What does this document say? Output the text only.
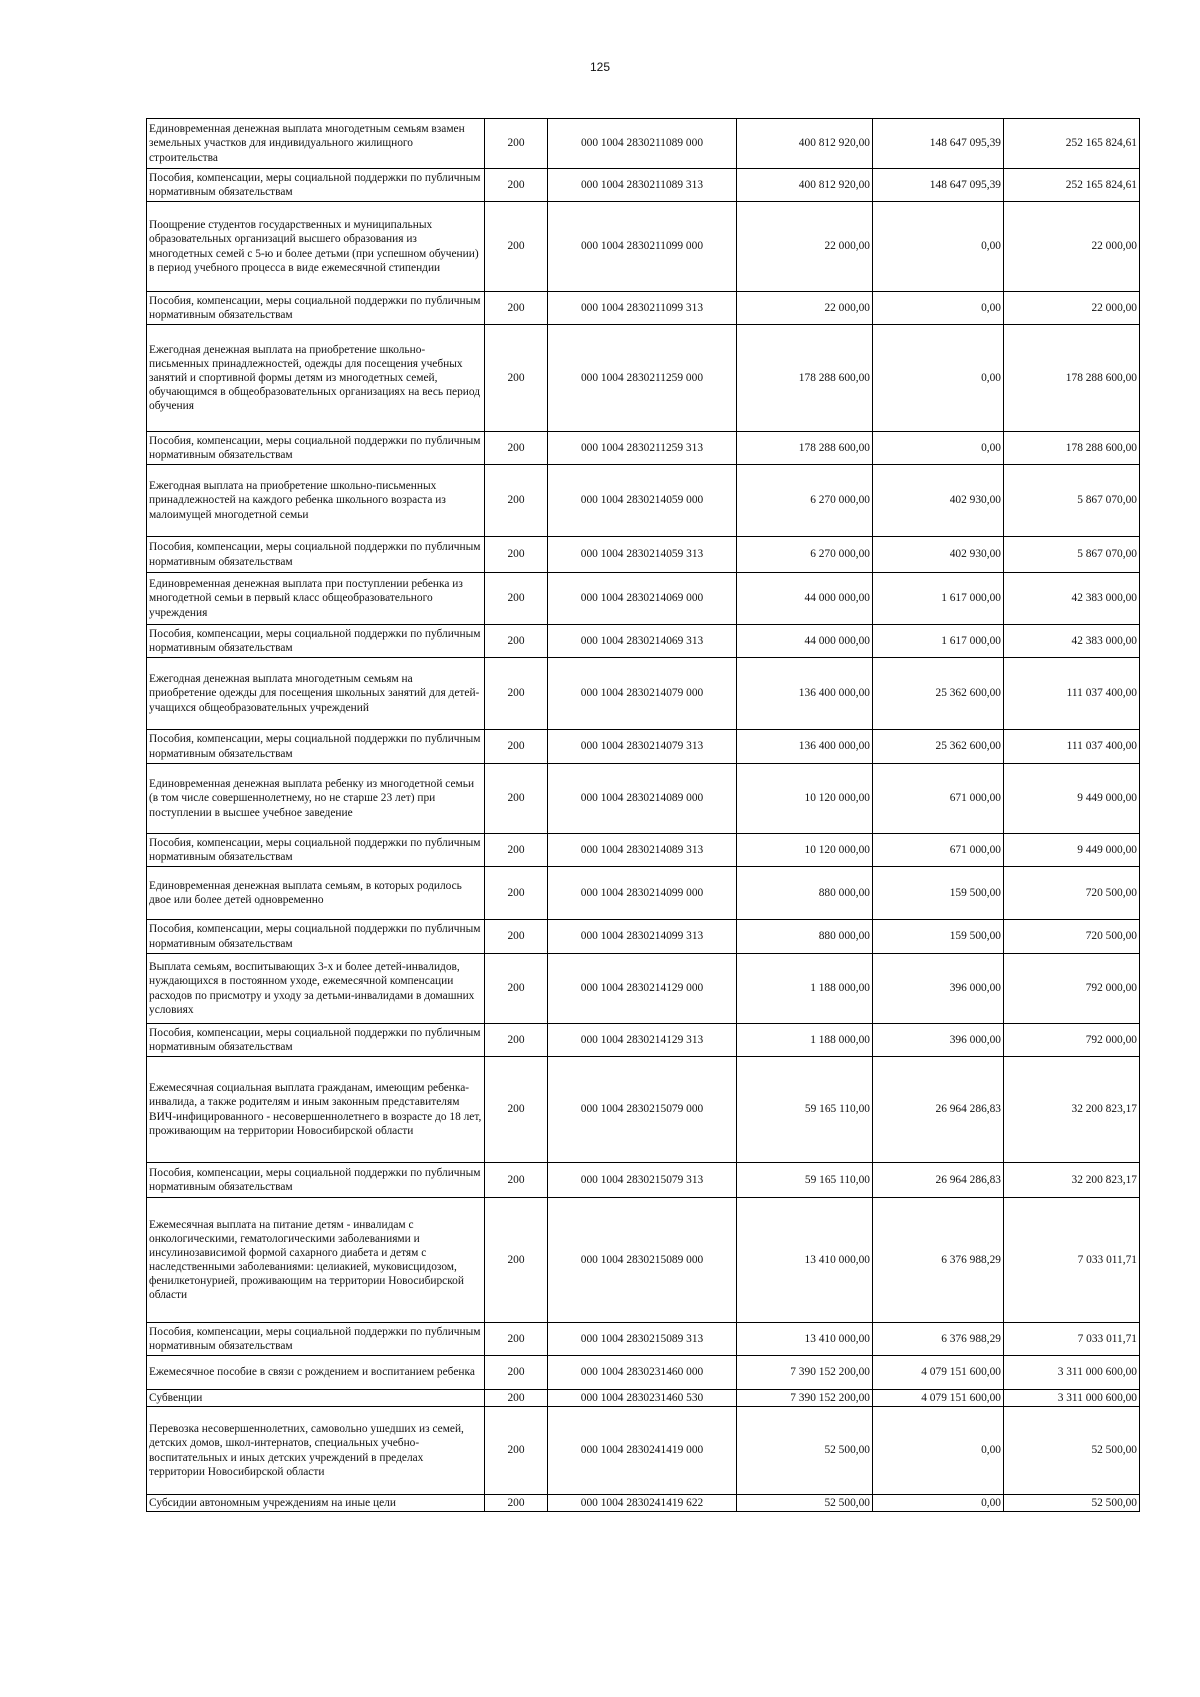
125
Единовременная денежная выплата многодетным семьям взамен земельных участков для индивидуального жилищного строительства	200	000 1004 2830211089 000	400 812 920,00	148 647 095,39	252 165 824,61
Пособия, компенсации, меры социальной поддержки по публичным нормативным обязательствам	200	000 1004 2830211089 313	400 812 920,00	148 647 095,39	252 165 824,61
Поощрение студентов государственных и муниципальных образовательных организаций высшего образования из многодетных семей с 5-ю и более детьми (при успешном обучении) в период учебного процесса в виде ежемесячной стипендии	200	000 1004 2830211099 000	22 000,00	0,00	22 000,00
Пособия, компенсации, меры социальной поддержки по публичным нормативным обязательствам	200	000 1004 2830211099 313	22 000,00	0,00	22 000,00
Ежегодная денежная выплата на приобретение школьно-письменных принадлежностей, одежды для посещения учебных занятий и спортивной формы детям из многодетных семей, обучающимся в общеобразовательных организациях на весь период обучения	200	000 1004 2830211259 000	178 288 600,00	0,00	178 288 600,00
Пособия, компенсации, меры социальной поддержки по публичным нормативным обязательствам	200	000 1004 2830211259 313	178 288 600,00	0,00	178 288 600,00
Ежегодная выплата на приобретение школьно-письменных принадлежностей на каждого ребенка школьного возраста из малоимущей многодетной семьи	200	000 1004 2830214059 000	6 270 000,00	402 930,00	5 867 070,00
Пособия, компенсации, меры социальной поддержки по публичным нормативным обязательствам	200	000 1004 2830214059 313	6 270 000,00	402 930,00	5 867 070,00
Единовременная денежная выплата при поступлении ребенка из многодетной семьи в первый класс общеобразовательного учреждения	200	000 1004 2830214069 000	44 000 000,00	1 617 000,00	42 383 000,00
Пособия, компенсации, меры социальной поддержки по публичным нормативным обязательствам	200	000 1004 2830214069 313	44 000 000,00	1 617 000,00	42 383 000,00
Ежегодная денежная выплата многодетным семьям на приобретение одежды для посещения школьных занятий для детей-учащихся общеобразовательных учреждений	200	000 1004 2830214079 000	136 400 000,00	25 362 600,00	111 037 400,00
Пособия, компенсации, меры социальной поддержки по публичным нормативным обязательствам	200	000 1004 2830214079 313	136 400 000,00	25 362 600,00	111 037 400,00
Единовременная денежная выплата ребенку из многодетной семьи (в том числе совершеннолетнему, но не старше 23 лет) при поступлении в высшее учебное заведение	200	000 1004 2830214089 000	10 120 000,00	671 000,00	9 449 000,00
Пособия, компенсации, меры социальной поддержки по публичным нормативным обязательствам	200	000 1004 2830214089 313	10 120 000,00	671 000,00	9 449 000,00
Единовременная денежная выплата семьям, в которых родилось двое или более детей одновременно	200	000 1004 2830214099 000	880 000,00	159 500,00	720 500,00
Пособия, компенсации, меры социальной поддержки по публичным нормативным обязательствам	200	000 1004 2830214099 313	880 000,00	159 500,00	720 500,00
Выплата семьям, воспитывающих 3-х и более детей-инвалидов, нуждающихся в постоянном уходе, ежемесячной компенсации расходов по присмотру и уходу за детьми-инвалидами в домашних условиях	200	000 1004 2830214129 000	1 188 000,00	396 000,00	792 000,00
Пособия, компенсации, меры социальной поддержки по публичным нормативным обязательствам	200	000 1004 2830214129 313	1 188 000,00	396 000,00	792 000,00
Ежемесячная социальная выплата гражданам, имеющим ребенка-инвалида, а также родителям и иным законным представителям ВИЧ-инфицированного - несовершеннолетнего в возрасте до 18 лет, проживающим на территории Новосибирской области	200	000 1004 2830215079 000	59 165 110,00	26 964 286,83	32 200 823,17
Пособия, компенсации, меры социальной поддержки по публичным нормативным обязательствам	200	000 1004 2830215079 313	59 165 110,00	26 964 286,83	32 200 823,17
Ежемесячная выплата на питание детям - инвалидам с онкологическими, гематологическими заболеваниями и инсулинозависимой формой сахарного диабета и детям с наследственными заболеваниями: целиакией, муковисцидозом, фенилкетонурией, проживающим на территории Новосибирской области	200	000 1004 2830215089 000	13 410 000,00	6 376 988,29	7 033 011,71
Пособия, компенсации, меры социальной поддержки по публичным нормативным обязательствам	200	000 1004 2830215089 313	13 410 000,00	6 376 988,29	7 033 011,71
Ежемесячное пособие в связи с рождением и воспитанием ребенка	200	000 1004 2830231460 000	7 390 152 200,00	4 079 151 600,00	3 311 000 600,00
Субвенции	200	000 1004 2830231460 530	7 390 152 200,00	4 079 151 600,00	3 311 000 600,00
Перевозка несовершеннолетних, самовольно ушедших из семей, детских домов, школ-интернатов, специальных учебно-воспитательных и иных детских учреждений в пределах территории Новосибирской области	200	000 1004 2830241419 000	52 500,00	0,00	52 500,00
Субсидии автономным учреждениям на иные цели	200	000 1004 2830241419 622	52 500,00	0,00	52 500,00
